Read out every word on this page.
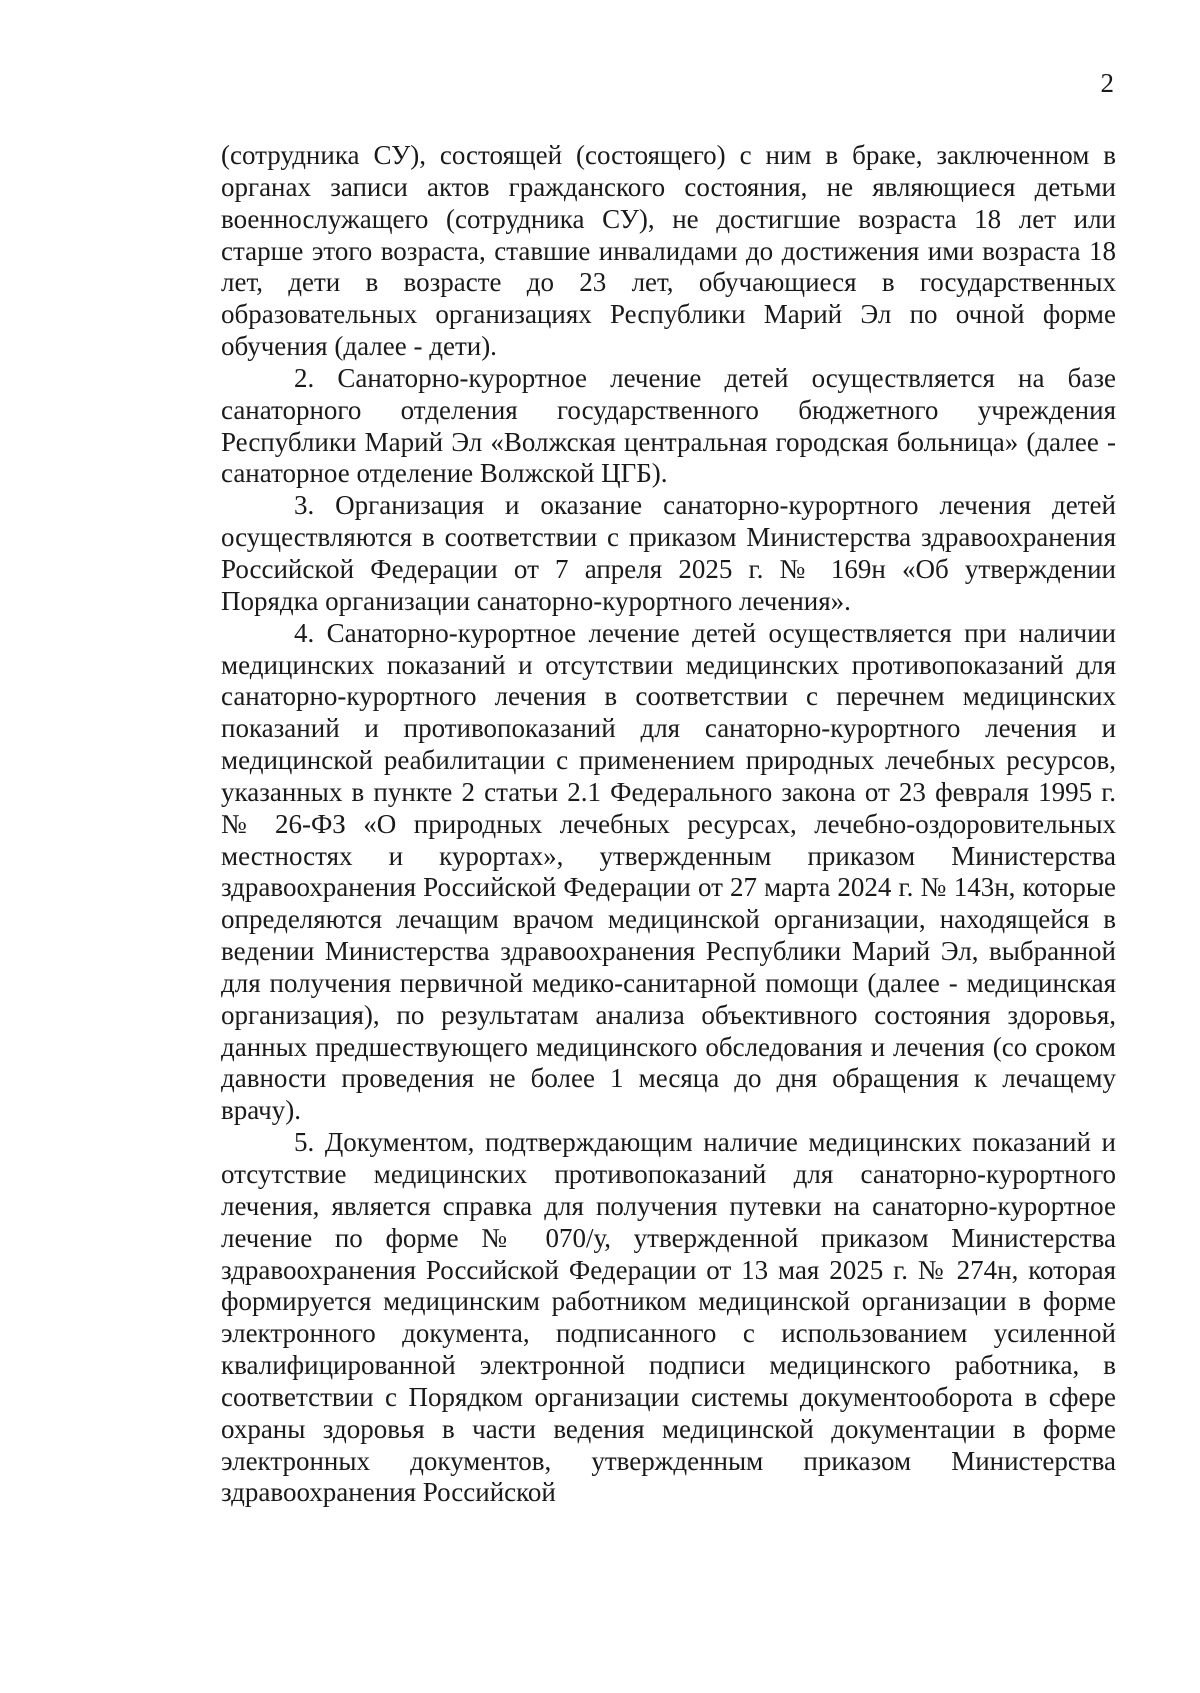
2

(сотрудника СУ), состоящей (состоящего) с ним в браке, заключенном в органах записи актов гражданского состояния, не являющиеся детьми военнослужащего (сотрудника СУ), не достигшие возраста 18 лет или старше этого возраста, ставшие инвалидами до достижения ими возраста 18 лет, дети в возрасте до 23 лет, обучающиеся в государственных образовательных организациях Республики Марий Эл по очной форме обучения (далее - дети).

2. Санаторно-курортное лечение детей осуществляется на базе санаторного отделения государственного бюджетного учреждения Республики Марий Эл «Волжская центральная городская больница» (далее - санаторное отделение Волжской ЦГБ).

3. Организация и оказание санаторно-курортного лечения детей осуществляются в соответствии с приказом Министерства здравоохранения Российской Федерации от 7 апреля 2025 г. № 169н «Об утверждении Порядка организации санаторно-курортного лечения».

4. Санаторно-курортное лечение детей осуществляется при наличии медицинских показаний и отсутствии медицинских противопоказаний для санаторно-курортного лечения в соответствии с перечнем медицинских показаний и противопоказаний для санаторно-курортного лечения и медицинской реабилитации с применением природных лечебных ресурсов, указанных в пункте 2 статьи 2.1 Федерального закона от 23 февраля 1995 г. № 26-ФЗ «О природных лечебных ресурсах, лечебно-оздоровительных местностях и курортах», утвержденным приказом Министерства здравоохранения Российской Федерации от 27 марта 2024 г. № 143н, которые определяются лечащим врачом медицинской организации, находящейся в ведении Министерства здравоохранения Республики Марий Эл, выбранной для получения первичной медико-санитарной помощи (далее - медицинская организация), по результатам анализа объективного состояния здоровья, данных предшествующего медицинского обследования и лечения (со сроком давности проведения не более 1 месяца до дня обращения к лечащему врачу).

5. Документом, подтверждающим наличие медицинских показаний и отсутствие медицинских противопоказаний для санаторно-курортного лечения, является справка для получения путевки на санаторно-курортное лечение по форме № 070/у, утвержденной приказом Министерства здравоохранения Российской Федерации от 13 мая 2025 г. № 274н, которая формируется медицинским работником медицинской организации в форме электронного документа, подписанного с использованием усиленной квалифицированной электронной подписи медицинского работника, в соответствии с Порядком организации системы документооборота в сфере охраны здоровья в части ведения медицинской документации в форме электронных документов, утвержденным приказом Министерства здравоохранения Российской
